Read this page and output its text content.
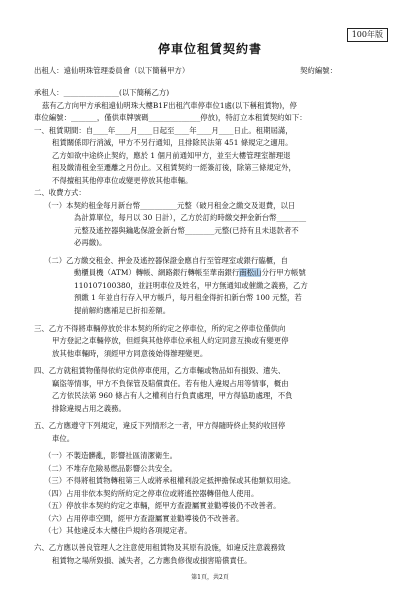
100年版
停車位租賃契約書
契約編號：
出租人：遠仙明珠管理委員會（以下簡稱甲方）
承租人：_______________(以下簡稱乙方)
茲有乙方向甲方承租遠仙明珠大樓B1F出租汽車停車位1處(以下稱租賃物)，停
車位編號：_______，僅供車牌號碼______________停放)，特訂立本租賃契約如下：
一、租賃期間：自____年____月____日起至____年____月____日止。租期屆滿，
租賃關係即行消滅，甲方不另行通知，且排除民法第 451 條規定之適用。
乙方如欲中途終止契約，應於 1 個月前通知甲方，並至大樓管理室辦理退
租及繳清租金至遷離之月份止。又租賃契約一經簽訂後，除第三條規定外，
不得擅租其他停車位或變更停放其他車輛。
二、收費方式：
（一）本契約租金每月新台幣__________元整（破月租金之繳交及退費，以日
為計算單位，每月以 30 日計），乙方於訂約時繳交押金新台幣________
元整及遙控器與鑰匙保證金新台幣________元整(已持有且未退款者不
必再繳)。
（二）乙方繳交租金、押金及遙控器保證金應自行至管理室或銀行臨櫃，自
動櫃員機（ATM）轉帳、網路銀行轉帳至華南銀行南松山分行甲方帳號
110107100380，並註明車位及姓名，甲方無通知或催繳之義務，乙方
預繳 1 年並自行存入甲方帳戶，每月租金得折扣新台幣 100 元整，若
提前解約應補足已折扣差額。
三、乙方不得將車輛停放於非本契約所約定之停車位，所約定之停車位僅供向
甲方登記之車輛停放，但經與其他停車位承租人約定同意互換或有變更停
放其他車輛時，須經甲方同意後始得辦理變更。
四、乙方就租賃物僅得依約定供停車使用，乙方車輛或物品如有損毀、遺失、
竊盜等情事，甲方不負保管及賠償責任。若有他人違規占用等情事，概由
乙方依民法第 960 條占有人之權利自行負責處理，甲方得協助處理，不負
排除違規占用之義務。
五、乙方應遵守下列規定，違反下列情形之一者，甲方得隨時終止契約收回停
車位。
（一）不製造髒亂，影響社區清潔衛生。
（二）不堆存危險易燃品影響公共安全。
（三）不得將租賃物轉租第三人或將承租權利設定抵押擔保或其他類似用途。
（四）占用非依本契約所約定之停車位或將遙控器轉借他人使用。
（五）停放非本契約約定之車輛，經甲方查證屬實並勸導後仍不改善者。
（六）占用停車空間，經甲方查證屬實並勸導後仍不改善者。
（七）其他違反本大樓住戶規約各項規定者。
六、乙方應以善良管理人之注意使用租賃物及其原有設施，如違反注意義務致
租賃物之場所毀損、滅失者，乙方應負修復或損害賠償責任。
第1頁，共2頁
